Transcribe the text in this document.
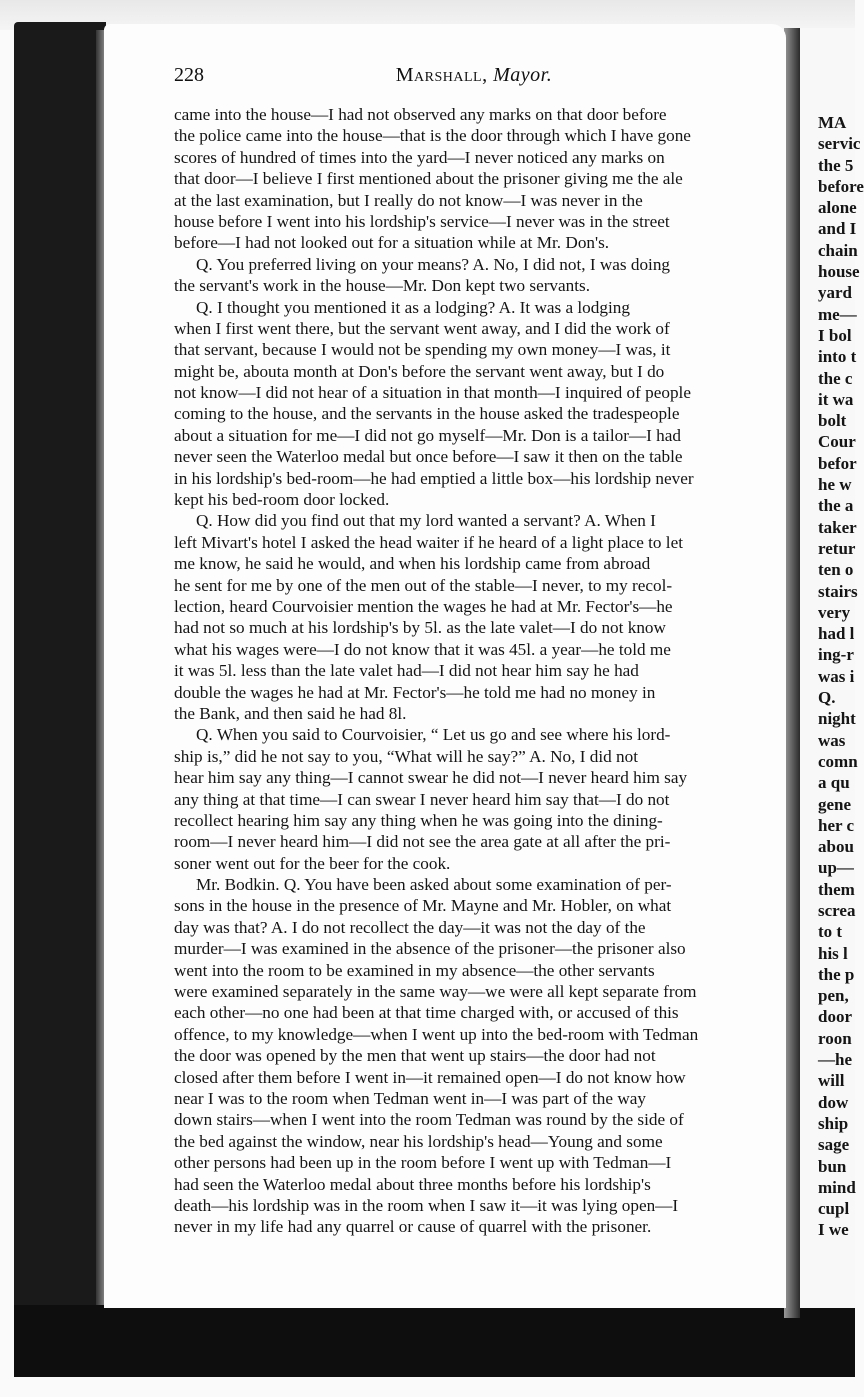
228	Marshall, Mayor.
came into the house—I had not observed any marks on that door before
the police came into the house—that is the door through which I have gone
scores of hundred of times into the yard—I never noticed any marks on
that door—I believe I first mentioned about the prisoner giving me the ale
at the last examination, but I really do not know—I was never in the
house before I went into his lordship's service—I never was in the street
before—I had not looked out for a situation while at Mr. Don's.
Q. You preferred living on your means? A. No, I did not, I was doing
the servant's work in the house—Mr. Don kept two servants.
Q. I thought you mentioned it as a lodging? A. It was a lodging
when I first went there, but the servant went away, and I did the work of
that servant, because I would not be spending my own money—I was, it
might be, abouta month at Don's before the servant went away, but I do
not know—I did not hear of a situation in that month—I inquired of people
coming to the house, and the servants in the house asked the tradespeople
about a situation for me—I did not go myself—Mr. Don is a tailor—I had
never seen the Waterloo medal but once before—I saw it then on the table
in his lordship's bed-room—he had emptied a little box—his lordship never
kept his bed-room door locked.
Q. How did you find out that my lord wanted a servant? A. When I
left Mivart's hotel I asked the head waiter if he heard of a light place to let
me know, he said he would, and when his lordship came from abroad
he sent for me by one of the men out of the stable—I never, to my recol-
lection, heard Courvoisier mention the wages he had at Mr. Fector's—he
had not so much at his lordship's by 5l. as the late valet—I do not know
what his wages were—I do not know that it was 45l. a year—he told me
it was 5l. less than the late valet had—I did not hear him say he had
double the wages he had at Mr. Fector's—he told me had no money in
the Bank, and then said he had 8l.
Q. When you said to Courvoisier, “ Let us go and see where his lord-
ship is,” did he not say to you, “What will he say?” A. No, I did not
hear him say any thing—I cannot swear he did not—I never heard him say
any thing at that time—I can swear I never heard him say that—I do not
recollect hearing him say any thing when he was going into the dining-
room—I never heard him—I did not see the area gate at all after the pri-
soner went out for the beer for the cook.
Mr. Bodkin. Q. You have been asked about some examination of per-
sons in the house in the presence of Mr. Mayne and Mr. Hobler, on what
day was that? A. I do not recollect the day—it was not the day of the
murder—I was examined in the absence of the prisoner—the prisoner also
went into the room to be examined in my absence—the other servants
were examined separately in the same way—we were all kept separate from
each other—no one had been at that time charged with, or accused of this
offence, to my knowledge—when I went up into the bed-room with Tedman
the door was opened by the men that went up stairs—the door had not
closed after them before I went in—it remained open—I do not know how
near I was to the room when Tedman went in—I was part of the way
down stairs—when I went into the room Tedman was round by the side of
the bed against the window, near his lordship's head—Young and some
other persons had been up in the room before I went up with Tedman—I
had seen the Waterloo medal about three months before his lordship's
death—his lordship was in the room when I saw it—it was lying open—I
never in my life had any quarrel or cause of quarrel with the prisoner.
MA
servic
the 5
before
alone
and I
chain
house
yard
me—
I bol
into t
the c
it wa
bolt
Cour
befor
he w
the a
taker
retur
ten o
stairs
very
had l
ing-r
was i
Q.
night
was
comn
a qu
gene
her c
abou
up—
them
screa
to t
his l
the p
pen,
door
roon
—he
will
dow
ship
sage
bun
mind
cupl
I we
